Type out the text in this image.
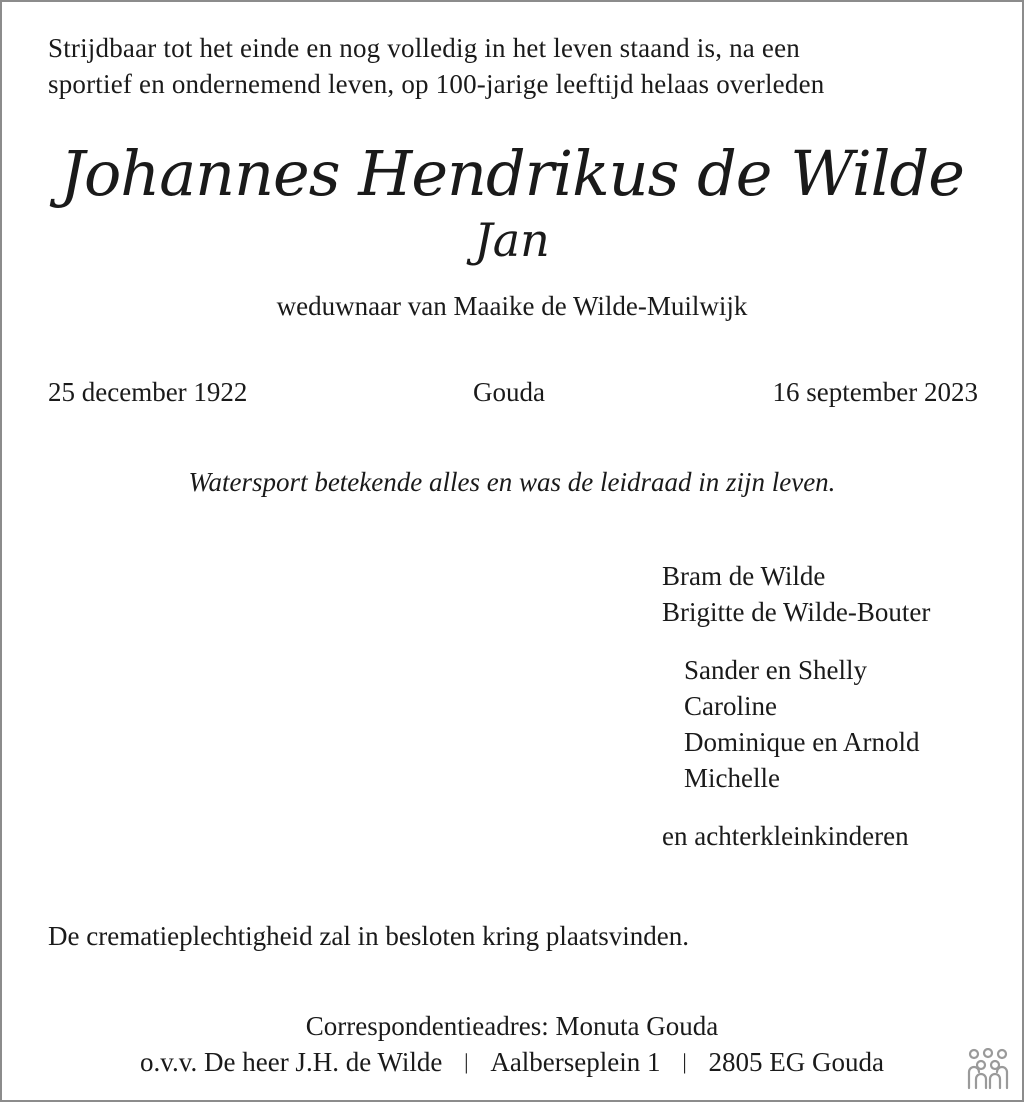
Strijdbaar tot het einde en nog volledig in het leven staand is, na een
sportief en ondernemend leven, op 100-jarige leeftijd helaas overleden
Johannes Hendrikus de Wilde
Jan
weduwnaar van Maaike de Wilde-Muilwijk
25 december 1922	Gouda	16 september 2023
Watersport betekende alles en was de leidraad in zijn leven.
Bram de Wilde
Brigitte de Wilde-Bouter
Sander en Shelly
Caroline
Dominique en Arnold
Michelle
en achterkleinkinderen
De crematieplechtigheid zal in besloten kring plaatsvinden.
Correspondentieadres: Monuta Gouda
o.v.v. De heer J.H. de Wilde | Aalberseplein 1 | 2805 EG Gouda
